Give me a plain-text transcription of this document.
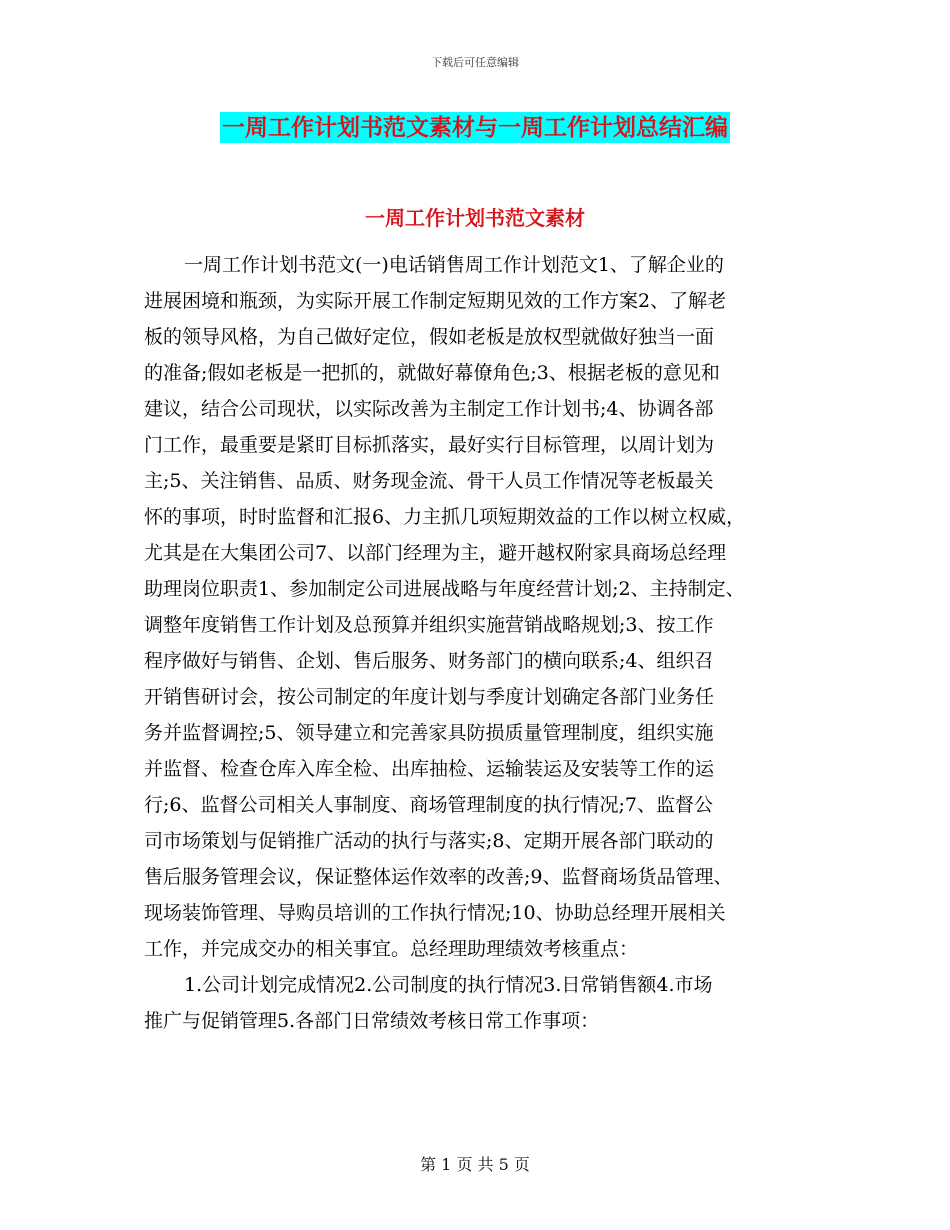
下载后可任意编辑
一周工作计划书范文素材与一周工作计划总结汇编
一周工作计划书范文素材
一周工作计划书范文(一)电话销售周工作计划范文1、了解企业的
进展困境和瓶颈，为实际开展工作制定短期见效的工作方案2、了解老
板的领导风格，为自己做好定位，假如老板是放权型就做好独当一面
的准备;假如老板是一把抓的，就做好幕僚角色;3、根据老板的意见和
建议，结合公司现状，以实际改善为主制定工作计划书;4、协调各部
门工作，最重要是紧盯目标抓落实，最好实行目标管理，以周计划为
主;5、关注销售、品质、财务现金流、骨干人员工作情况等老板最关
怀的事项，时时监督和汇报6、力主抓几项短期效益的工作以树立权威，
尤其是在大集团公司7、以部门经理为主，避开越权附家具商场总经理
助理岗位职责1、参加制定公司进展战略与年度经营计划;2、主持制定、
调整年度销售工作计划及总预算并组织实施营销战略规划;3、按工作
程序做好与销售、企划、售后服务、财务部门的横向联系;4、组织召
开销售研讨会，按公司制定的年度计划与季度计划确定各部门业务任
务并监督调控;5、领导建立和完善家具防损质量管理制度，组织实施
并监督、检查仓库入库全检、出库抽检、运输装运及安装等工作的运
行;6、监督公司相关人事制度、商场管理制度的执行情况;7、监督公
司市场策划与促销推广活动的执行与落实;8、定期开展各部门联动的
售后服务管理会议，保证整体运作效率的改善;9、监督商场货品管理、
现场装饰管理、导购员培训的工作执行情况;10、协助总经理开展相关
工作，并完成交办的相关事宜。总经理助理绩效考核重点：
1.公司计划完成情况2.公司制度的执行情况3.日常销售额4.市场
推广与促销管理5.各部门日常绩效考核日常工作事项：
第 1 页 共 5 页
